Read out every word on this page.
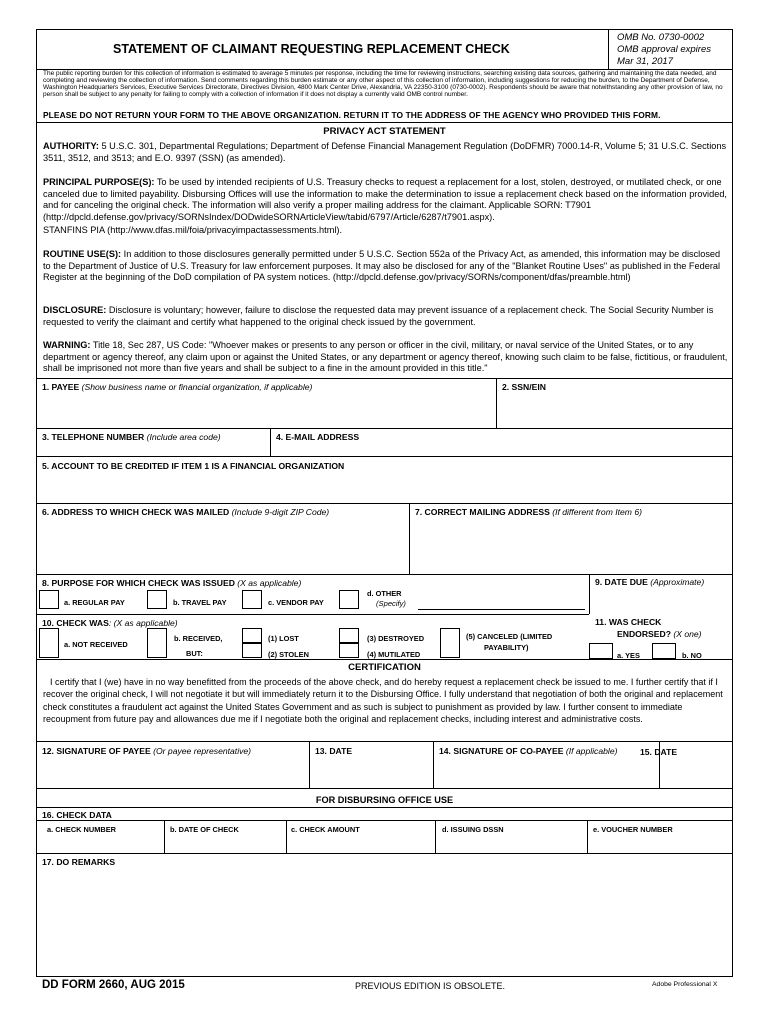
STATEMENT OF CLAIMANT REQUESTING REPLACEMENT CHECK
OMB No. 0730-0002
OMB approval expires
Mar 31, 2017
The public reporting burden for this collection of information is estimated to average 5 minutes per response, including the time for reviewing instructions, searching existing data sources, gathering and maintaining the data needed, and completing and reviewing the collection of information. Send comments regarding this burden estimate or any other aspect of this collection of information, including suggestions for reducing the burden, to the Department of Defense, Washington Headquarters Services, Executive Services Directorate, Directives Division, 4800 Mark Center Drive, Alexandria, VA 22350-3100 (0730-0002). Respondents should be aware that notwithstanding any other provision of law, no person shall be subject to any penalty for failing to comply with a collection of information if it does not display a currently valid OMB control number.
PLEASE DO NOT RETURN YOUR FORM TO THE ABOVE ORGANIZATION. RETURN IT TO THE ADDRESS OF THE AGENCY WHO PROVIDED THIS FORM.
PRIVACY ACT STATEMENT
AUTHORITY: 5 U.S.C. 301, Departmental Regulations; Department of Defense Financial Management Regulation (DoDFMR) 7000.14-R, Volume 5; 31 U.S.C. Sections 3511, 3512, and 3513; and E.O. 9397 (SSN) (as amended).
PRINCIPAL PURPOSE(S): To be used by intended recipients of U.S. Treasury checks to request a replacement for a lost, stolen, destroyed, or mutilated check, or one canceled due to limited payability. Disbursing Offices will use the information to make the determination to issue a replacement check based on the information provided, and for canceling the original check. The information will also verify a proper mailing address for the claimant. Applicable SORN: T7901 (http://dpcld.defense.gov/privacy/SORNsIndex/DODwideSORNArticleView/tabid/6797/Article/6287/t7901.aspx).
STANFINS PIA (http://www.dfas.mil/foia/privacyimpactassessments.html).
ROUTINE USE(S): In addition to those disclosures generally permitted under 5 U.S.C. Section 552a of the Privacy Act, as amended, this information may be disclosed to the Department of Justice of U.S. Treasury for law enforcement purposes. It may also be disclosed for any of the "Blanket Routine Uses" as published in the Federal Register at the beginning of the DoD compilation of PA system notices. (http://dpcld.defense.gov/privacy/SORNs/component/dfas/preamble.html)
DISCLOSURE: Disclosure is voluntary; however, failure to disclose the requested data may prevent issuance of a replacement check. The Social Security Number is requested to verify the claimant and certify what happened to the original check issued by the government.
WARNING: Title 18, Sec 287, US Code: "Whoever makes or presents to any person or officer in the civil, military, or naval service of the United States, or to any department or agency thereof, any claim upon or against the United States, or any department or agency thereof, knowing such claim to be false, fictitious, or fraudulent, shall be imprisoned not more than five years and shall be subject to a fine in the amount provided in this title."
1. PAYEE (Show business name or financial organization, if applicable)	2. SSN/EIN
3. TELEPHONE NUMBER (Include area code)	4. E-MAIL ADDRESS
5. ACCOUNT TO BE CREDITED IF ITEM 1 IS A FINANCIAL ORGANIZATION
6. ADDRESS TO WHICH CHECK WAS MAILED (Include 9-digit ZIP Code)	7. CORRECT MAILING ADDRESS (If different from Item 6)
8. PURPOSE FOR WHICH CHECK WAS ISSUED (X as applicable)	9. DATE DUE (Approximate)
a. REGULAR PAY	b. TRAVEL PAY	c. VENDOR PAY
d. OTHER
(Specify)
10. CHECK WAS: (X as applicable)
a. NOT RECEIVED
b. RECEIVED,
BUT:
(1) LOST
(2) STOLEN
(3) DESTROYED
(4) MUTILATED
(5) CANCELED (LIMITED
PAYABILITY)
11. WAS CHECK
ENDORSED? (X one)
a. YES	b. NO
CERTIFICATION
I certify that I (we) have in no way benefitted from the proceeds of the above check, and do hereby request a replacement check be issued to me. I further certify that if I recover the original check, I will not negotiate it but will immediately return it to the Disbursing Office. I fully understand that negotiation of both the original and replacement check constitutes a fraudulent act against the United States Government and as such is subject to punishment as provided by law. I further consent to immediate recoupment from future pay and allowances due me if I negotiate both the original and replacement checks, including interest and administrative costs.
12. SIGNATURE OF PAYEE (Or payee representative)	13. DATE	14. SIGNATURE OF CO-PAYEE (If applicable)	15. DATE
FOR DISBURSING OFFICE USE
16. CHECK DATA
a. CHECK NUMBER	b. DATE OF CHECK	c. CHECK AMOUNT	d. ISSUING DSSN	e. VOUCHER NUMBER
17. DO REMARKS
DD FORM 2660, AUG 2015	PREVIOUS EDITION IS OBSOLETE.	Adobe Professional X
